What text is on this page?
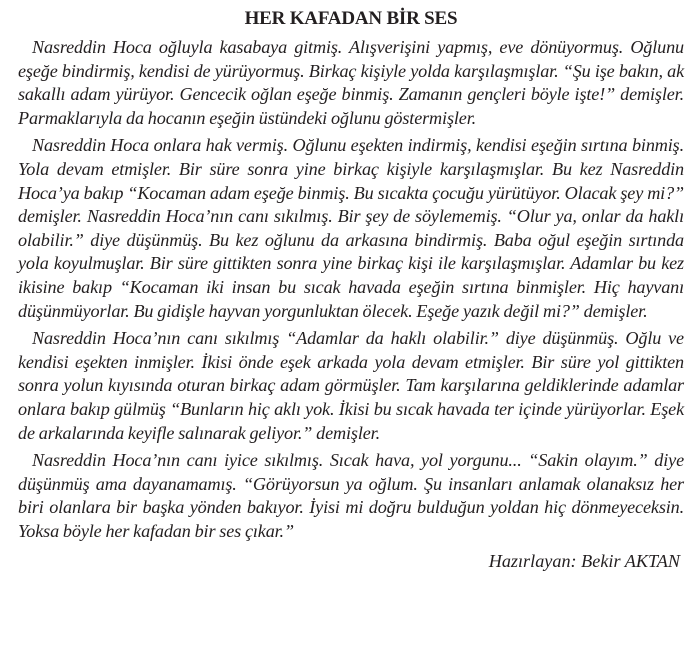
HER KAFADAN BİR SES

Nasreddin Hoca oğluyla kasabaya gitmiş. Alışverişini yapmış, eve dönüyormuş. Oğlunu eşeğe bindirmiş, kendisi de yürüyormuş. Birkaç kişiyle yolda karşılaşmışlar. “Şu işe bakın, ak sakallı adam yürüyor. Gencecik oğlan eşeğe binmiş. Zamanın gençleri böyle işte!” demişler. Parmaklarıyla da hocanın eşeğin üstündeki oğlunu göstermişler.

Nasreddin Hoca onlara hak vermiş. Oğlunu eşekten indirmiş, kendisi eşeğin sırtına binmiş. Yola devam etmişler. Bir süre sonra yine birkaç kişiyle karşılaşmışlar. Bu kez Nasreddin Hoca’ya bakıp “Kocaman adam eşeğe binmiş. Bu sıcakta çocuğu yürütüyor. Olacak şey mi?” demişler. Nasreddin Hoca’nın canı sıkılmış. Bir şey de söylememiş. “Olur ya, onlar da haklı olabilir.” diye düşünmüş. Bu kez oğlunu da arkasına bindirmiş. Baba oğul eşeğin sırtında yola koyulmuşlar. Bir süre gittikten sonra yine birkaç kişi ile karşılaşmışlar. Adamlar bu kez ikisine bakıp “Kocaman iki insan bu sıcak havada eşeğin sırtına binmişler. Hiç hayvanı düşünmüyorlar. Bu gidişle hayvan yorgunluktan ölecek. Eşeğe yazık değil mi?” demişler.

Nasreddin Hoca’nın canı sıkılmış “Adamlar da haklı olabilir.” diye düşünmüş. Oğlu ve kendisi eşekten inmişler. İkisi önde eşek arkada yola devam etmişler. Bir süre yol gittikten sonra yolun kıyısında oturan birkaç adam görmüşler. Tam karşılarına geldiklerinde adamlar onlara bakıp gülmüş “Bunların hiç aklı yok. İkisi bu sıcak havada ter içinde yürüyorlar. Eşek de arkalarında keyifle salınarak geliyor.” demişler.

Nasreddin Hoca’nın canı iyice sıkılmış. Sıcak hava, yol yorgunu... “Sakin olayım.” diye düşünmüş ama dayanamamış. “Görüyorsun ya oğlum. Şu insanları anlamak olanaksız her biri olanlara bir başka yönden bakıyor. İyisi mi doğru bulduğun yoldan hiç dönmeyeceksin. Yoksa böyle her kafadan bir ses çıkar.”

Hazırlayan: Bekir AKTAN
